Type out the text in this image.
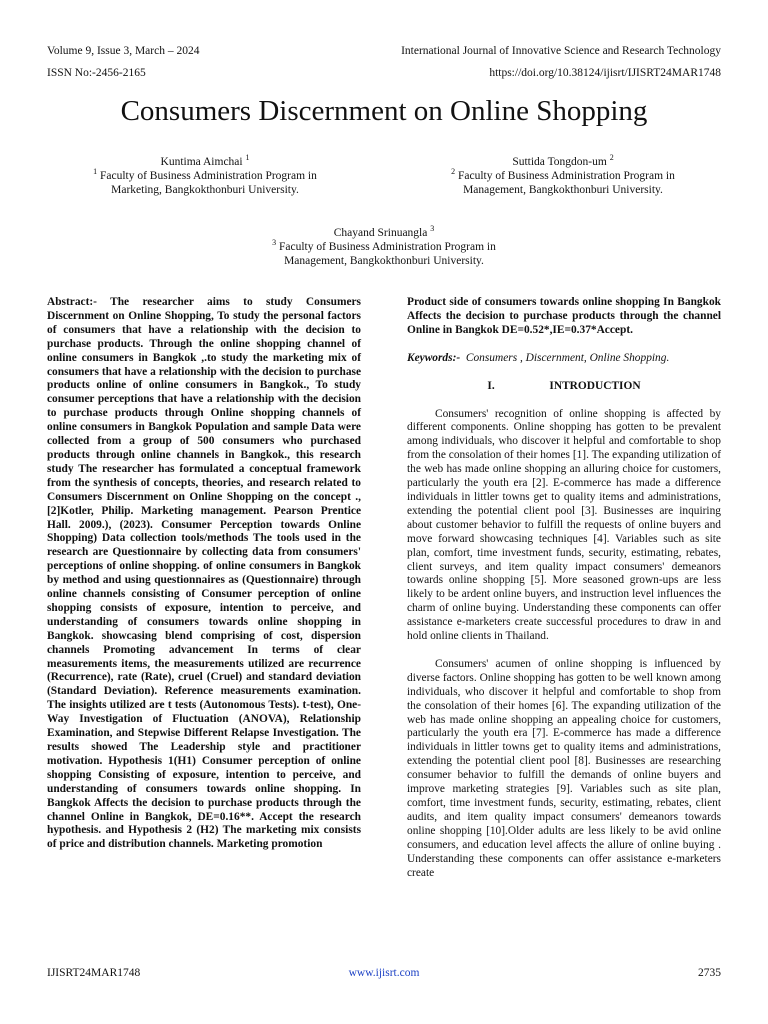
Volume 9, Issue 3, March – 2024	International Journal of Innovative Science and Research Technology
ISSN No:-2456-2165	https://doi.org/10.38124/ijisrt/IJISRT24MAR1748
Consumers Discernment on Online Shopping
Kuntima Aimchai $^1$
$^1$ Faculty of Business Administration Program in
Marketing, Bangkokthonburi University.
Suttida Tongdon-um $^2$
$^2$ Faculty of Business Administration Program in
Management, Bangkokthonburi University.
Chayand Srinuangla $^3$
$^3$ Faculty of Business Administration Program in
Management, Bangkokthonburi University.

Abstract:- The researcher aims to study Consumers Discernment on Online Shopping, To study the personal factors of consumers that have a relationship with the decision to purchase products. Through the online shopping channel of online consumers in Bangkok ,.to study the marketing mix of consumers that have a relationship with the decision to purchase products online of online consumers in Bangkok., To study consumer perceptions that have a relationship with the decision to purchase products through Online shopping channels of online consumers in Bangkok Population and sample Data were collected from a group of 500 consumers who purchased products through online channels in Bangkok., this research study The researcher has formulated a conceptual framework from the synthesis of concepts, theories, and research related to Consumers Discernment on Online Shopping on the concept ., [2]Kotler, Philip. Marketing management. Pearson Prentice Hall. 2009.), (2023). Consumer Perception towards Online Shopping) Data collection tools/methods The tools used in the research are Questionnaire by collecting data from consumers' perceptions of online shopping. of online consumers in Bangkok by method and using questionnaires as (Questionnaire) through online channels consisting of Consumer perception of online shopping consists of exposure, intention to perceive, and understanding of consumers towards online shopping in Bangkok. showcasing blend comprising of cost, dispersion channels Promoting advancement In terms of clear measurements items, the measurements utilized are recurrence (Recurrence), rate (Rate), cruel (Cruel) and standard deviation (Standard Deviation). Reference measurements examination. The insights utilized are t tests (Autonomous Tests). t-test), One-Way Investigation of Fluctuation (ANOVA), Relationship Examination, and Stepwise Different Relapse Investigation. The results showed The Leadership style and practitioner motivation. Hypothesis 1(H1) Consumer perception of online shopping Consisting of exposure, intention to perceive, and understanding of consumers towards online shopping. In Bangkok Affects the decision to purchase products through the channel Online in Bangkok, DE=0.16**. Accept the research hypothesis. and Hypothesis 2 (H2) The marketing mix consists of price and distribution channels. Marketing promotion

Product side of consumers towards online shopping In Bangkok Affects the decision to purchase products through the channel Online in Bangkok DE=0.52*,IE=0.37*Accept.

Keywords:- Consumers , Discernment, Online Shopping.

I.	INTRODUCTION

Consumers' recognition of online shopping is affected by different components. Online shopping has gotten to be prevalent among individuals, who discover it helpful and comfortable to shop from the consolation of their homes [1]. The expanding utilization of the web has made online shopping an alluring choice for customers, particularly the youth era [2]. E-commerce has made a difference individuals in littler towns get to quality items and administrations, extending the potential client pool [3]. Businesses are inquiring about customer behavior to fulfill the requests of online buyers and move forward showcasing techniques [4]. Variables such as site plan, comfort, time investment funds, security, estimating, rebates, client surveys, and item quality impact consumers' demeanors towards online shopping [5]. More seasoned grown-ups are less likely to be ardent online buyers, and instruction level influences the charm of online buying. Understanding these components can offer assistance e-marketers create successful procedures to draw in and hold online clients in Thailand.

Consumers' acumen of online shopping is influenced by diverse factors. Online shopping has gotten to be well known among individuals, who discover it helpful and comfortable to shop from the consolation of their homes [6]. The expanding utilization of the web has made online shopping an appealing choice for customers, particularly the youth era [7]. E-commerce has made a difference individuals in littler towns get to quality items and administrations, extending the potential client pool [8]. Businesses are researching consumer behavior to fulfill the demands of online buyers and improve marketing strategies [9]. Variables such as site plan, comfort, time investment funds, security, estimating, rebates, client audits, and item quality impact consumers' demeanors towards online shopping [10].Older adults are less likely to be avid online consumers, and education level affects the allure of online buying . Understanding these components can offer assistance e-marketers create

IJISRT24MAR1748	www.ijisrt.com	2735
